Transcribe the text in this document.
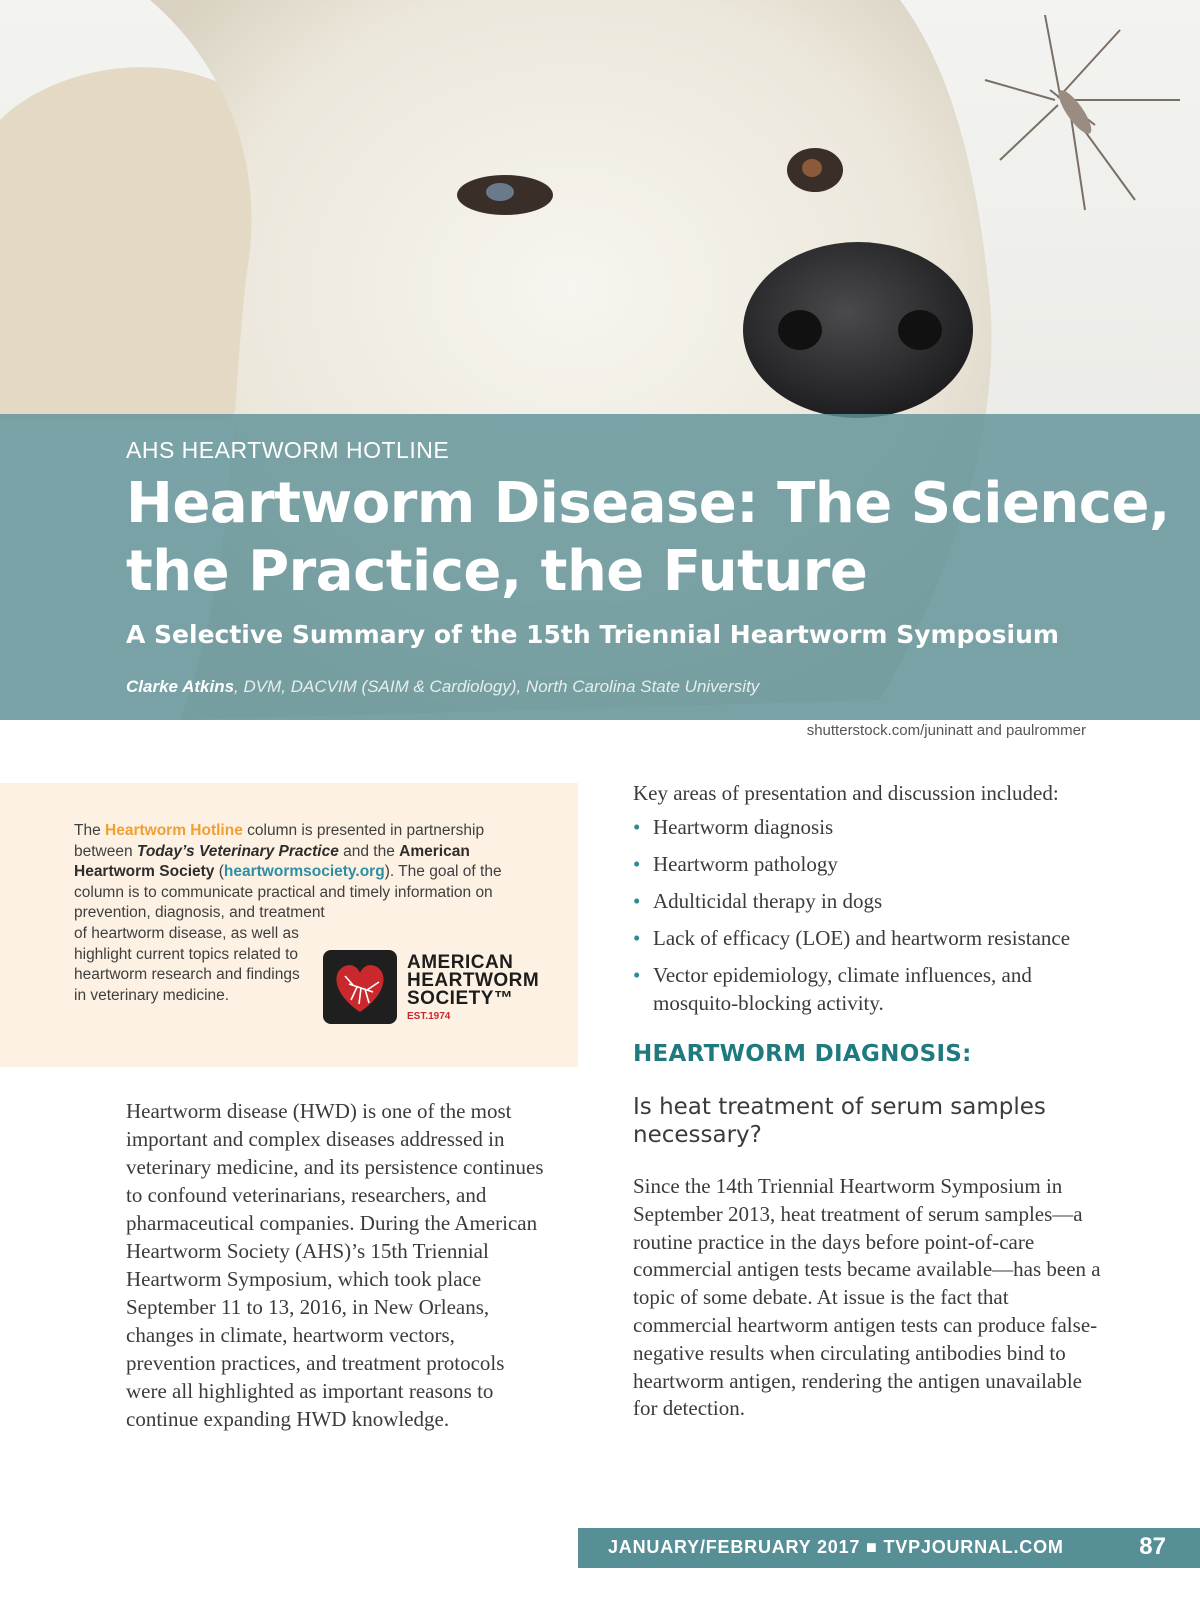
AHS HEARTWORM HOTLINE
Heartworm Disease: The Science,
the Practice, the Future
A Selective Summary of the 15th Triennial Heartworm Symposium
Clarke Atkins, DVM, DACVIM (SAIM & Cardiology), North Carolina State University
shutterstock.com/juninatt and paulrommer
The Heartworm Hotline column is presented in partnership between Today’s Veterinary Practice and the American Heartworm Society (heartwormsociety.org). The goal of the column is to communicate practical and timely information on prevention, diagnosis, and treatment
of heartworm disease, as well as highlight current topics related to heartworm research and findings in veterinary medicine.
AMERICAN
HEARTWORM
SOCIETY™
EST.1974
Heartworm disease (HWD) is one of the most important and complex diseases addressed in veterinary medicine, and its persistence continues to confound veterinarians, researchers, and pharmaceutical companies. During the American Heartworm Society (AHS)’s 15th Triennial Heartworm Symposium, which took place September 11 to 13, 2016, in New Orleans, changes in climate, heartworm vectors, prevention practices, and treatment protocols were all highlighted as important reasons to continue expanding HWD knowledge.
Key areas of presentation and discussion included:
• Heartworm diagnosis
• Heartworm pathology
• Adulticidal therapy in dogs
• Lack of efficacy (LOE) and heartworm resistance
• Vector epidemiology, climate influences, and mosquito-blocking activity.
HEARTWORM DIAGNOSIS:
Is heat treatment of serum samples necessary?
Since the 14th Triennial Heartworm Symposium in September 2013, heat treatment of serum samples—a routine practice in the days before point-of-care commercial antigen tests became available—has been a topic of some debate. At issue is the fact that commercial heartworm antigen tests can produce false-negative results when circulating antibodies bind to heartworm antigen, rendering the antigen unavailable for detection.
JANUARY/FEBRUARY 2017 ■ TVPJOURNAL.COM	87
